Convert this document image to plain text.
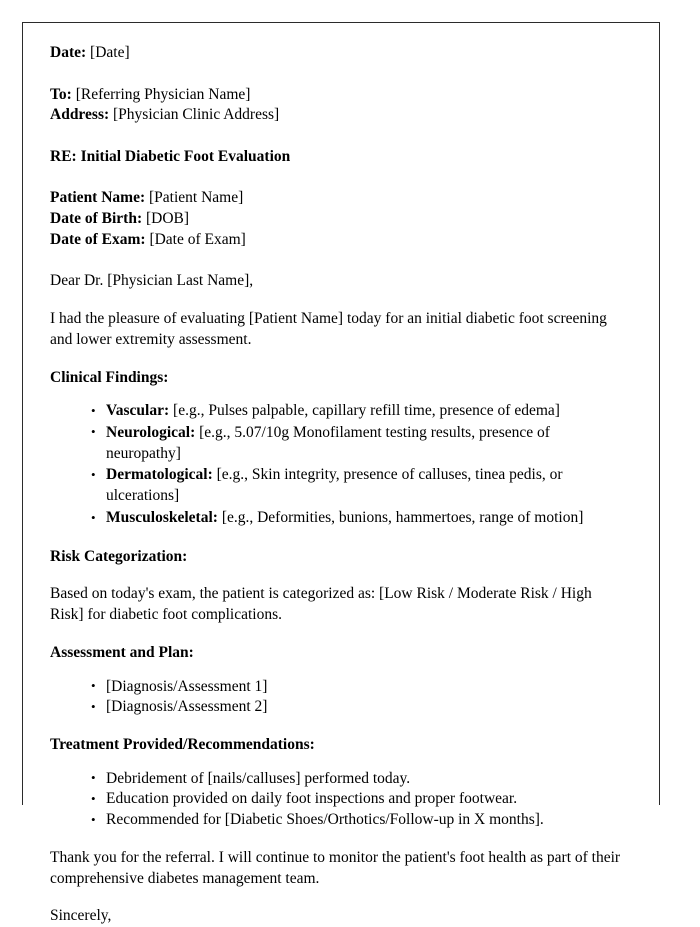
Date: [Date]

To: [Referring Physician Name]

Address: [Physician Clinic Address]

RE: Initial Diabetic Foot Evaluation

Patient Name: [Patient Name]

Date of Birth: [DOB]

Date of Exam: [Date of Exam]

Dear Dr. [Physician Last Name],

I had the pleasure of evaluating [Patient Name] today for an initial diabetic foot screening and lower extremity assessment.

Clinical Findings:

• Vascular: [e.g., Pulses palpable, capillary refill time, presence of edema]
• Neurological: [e.g., 5.07/10g Monofilament testing results, presence of neuropathy]
• Dermatological: [e.g., Skin integrity, presence of calluses, tinea pedis, or ulcerations]
• Musculoskeletal: [e.g., Deformities, bunions, hammertoes, range of motion]

Risk Categorization:

Based on today's exam, the patient is categorized as: [Low Risk / Moderate Risk / High Risk] for diabetic foot complications.

Assessment and Plan:

• [Diagnosis/Assessment 1]
• [Diagnosis/Assessment 2]

Treatment Provided/Recommendations:

• Debridement of [nails/calluses] performed today.
• Education provided on daily foot inspections and proper footwear.
• Recommended for [Diabetic Shoes/Orthotics/Follow-up in X months].

Thank you for the referral. I will continue to monitor the patient's foot health as part of their comprehensive diabetes management team.

Sincerely,
